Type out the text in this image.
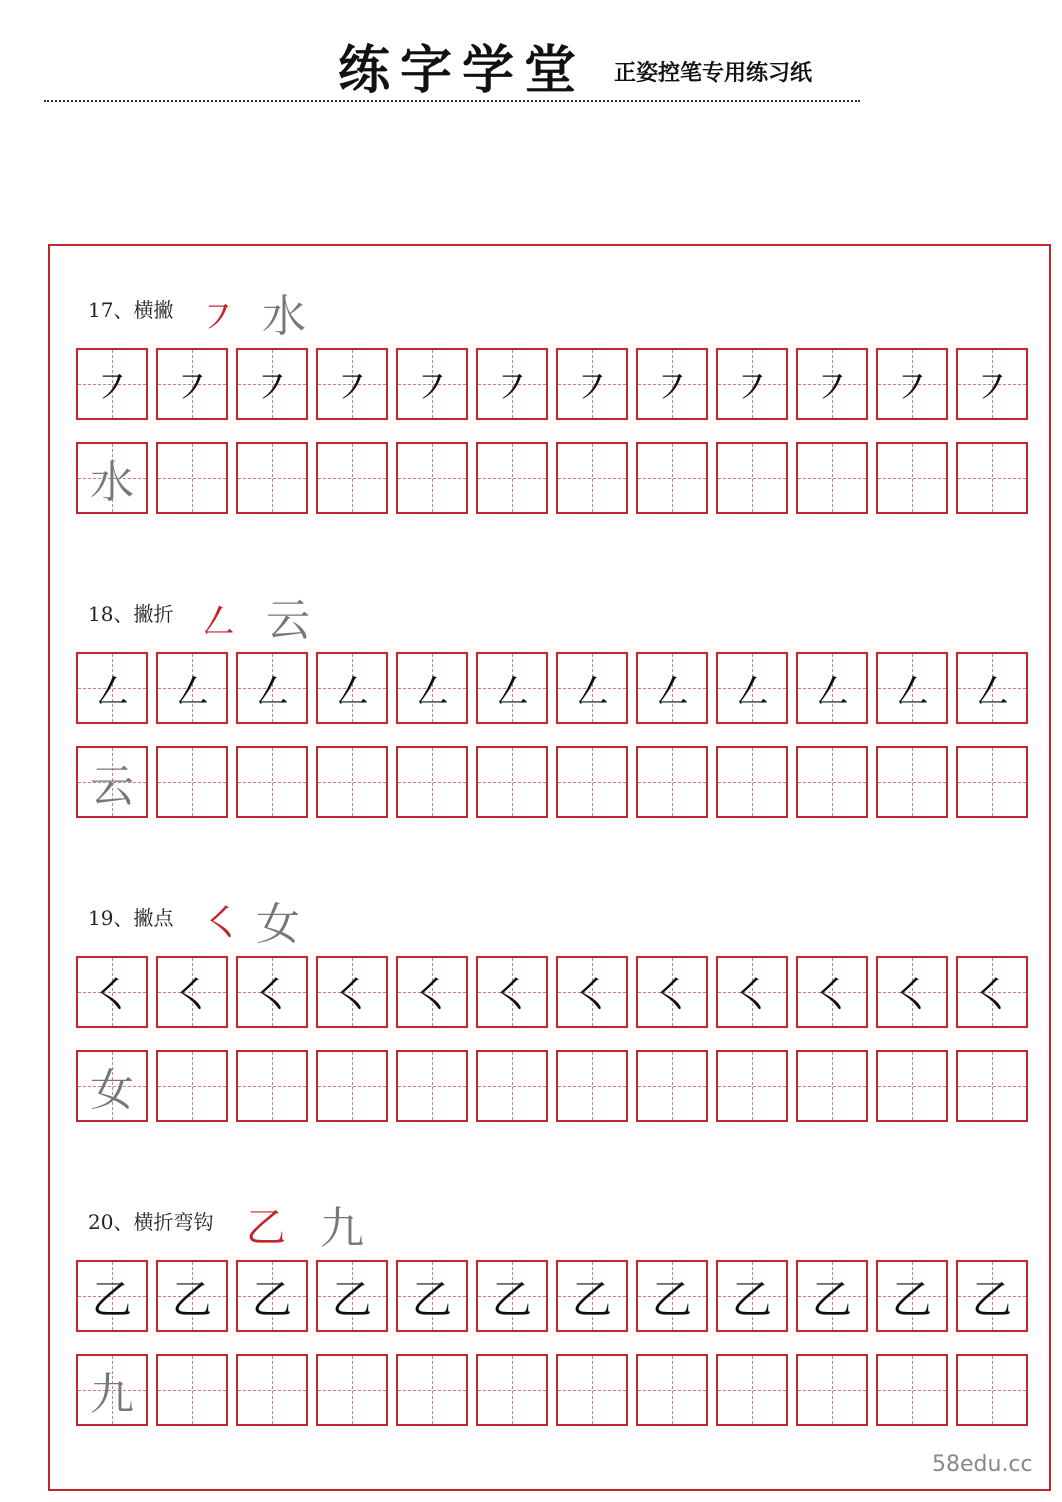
练字学堂 正姿控笔专用练习纸
17、横撇 ㇇ 水
㇇ ㇇ ㇇ ㇇ ㇇ ㇇ ㇇ ㇇ ㇇ ㇇ ㇇ ㇇
水
18、撇折 ㇜ 云
㇜ ㇜ ㇜ ㇜ ㇜ ㇜ ㇜ ㇜ ㇜ ㇜ ㇜ ㇜
云
19、撇点 ㇛ 女
㇛ ㇛ ㇛ ㇛ ㇛ ㇛ ㇛ ㇛ ㇛ ㇛ ㇛ ㇛
女
20、横折弯钩 乙 九
乙 乙 乙 乙 乙 乙 乙 乙 乙 乙 乙 乙
九
58edu.cc
